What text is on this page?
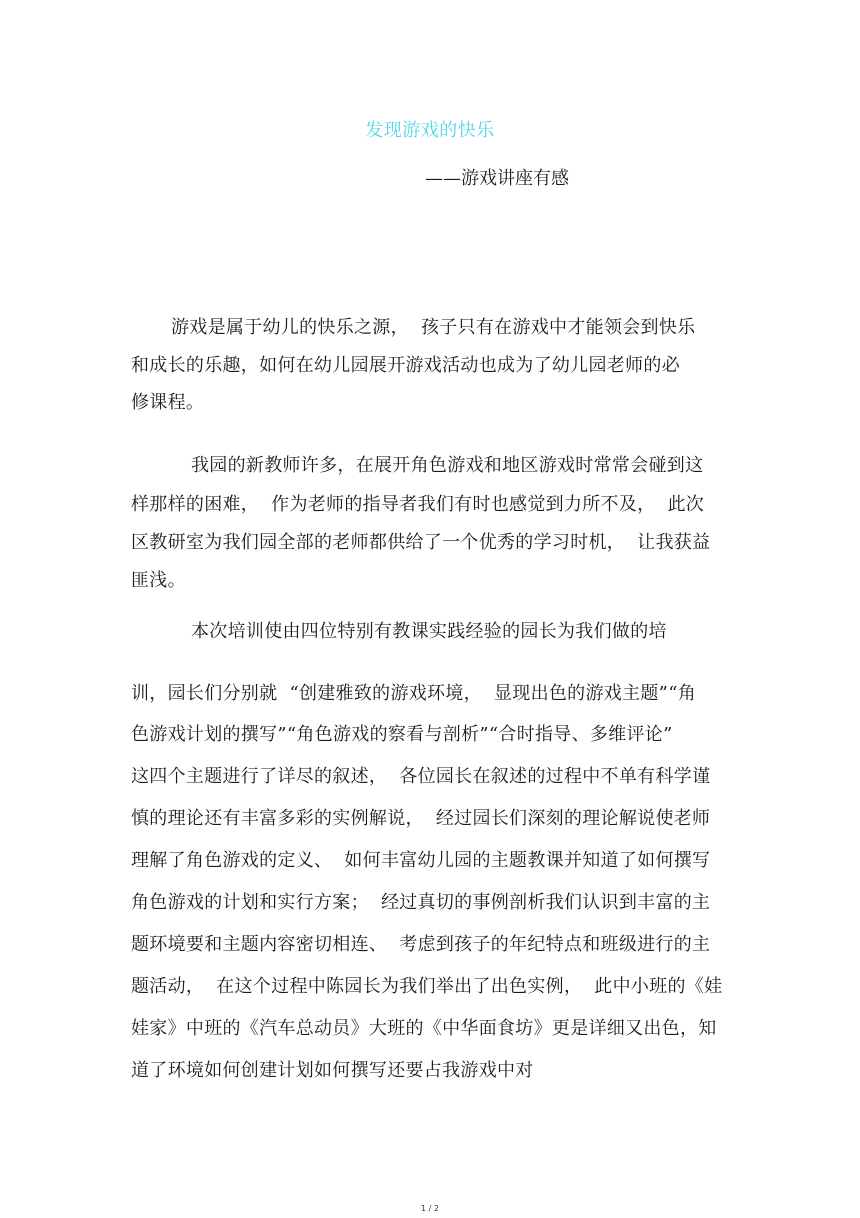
发现游戏的快乐
——游戏讲座有感
游戏是属于幼儿的快乐之源，  孩子只有在游戏中才能领会到快乐
和成长的乐趣，如何在幼儿园展开游戏活动也成为了幼儿园老师的必
修课程。
我园的新教师许多，在展开角色游戏和地区游戏时常常会碰到这
样那样的困难，  作为老师的指导者我们有时也感觉到力所不及，  此次
区教研室为我们园全部的老师都供给了一个优秀的学习时机，  让我获益
匪浅。
本次培训使由四位特别有教课实践经验的园长为我们做的培
训，园长们分别就  “创建雅致的游戏环境，  显现出色的游戏主题”“角
色游戏计划的撰写”“角色游戏的察看与剖析”“合时指导、多维评论”
这四个主题进行了详尽的叙述，  各位园长在叙述的过程中不单有科学谨
慎的理论还有丰富多彩的实例解说，  经过园长们深刻的理论解说使老师
理解了角色游戏的定义、  如何丰富幼儿园的主题教课并知道了如何撰写
角色游戏的计划和实行方案；  经过真切的事例剖析我们认识到丰富的主
题环境要和主题内容密切相连、  考虑到孩子的年纪特点和班级进行的主
题活动，  在这个过程中陈园长为我们举出了出色实例，  此中小班的《娃
娃家》中班的《汽车总动员》大班的《中华面食坊》更是详细又出色，知
道了环境如何创建计划如何撰写还要占我游戏中对
1 / 2
